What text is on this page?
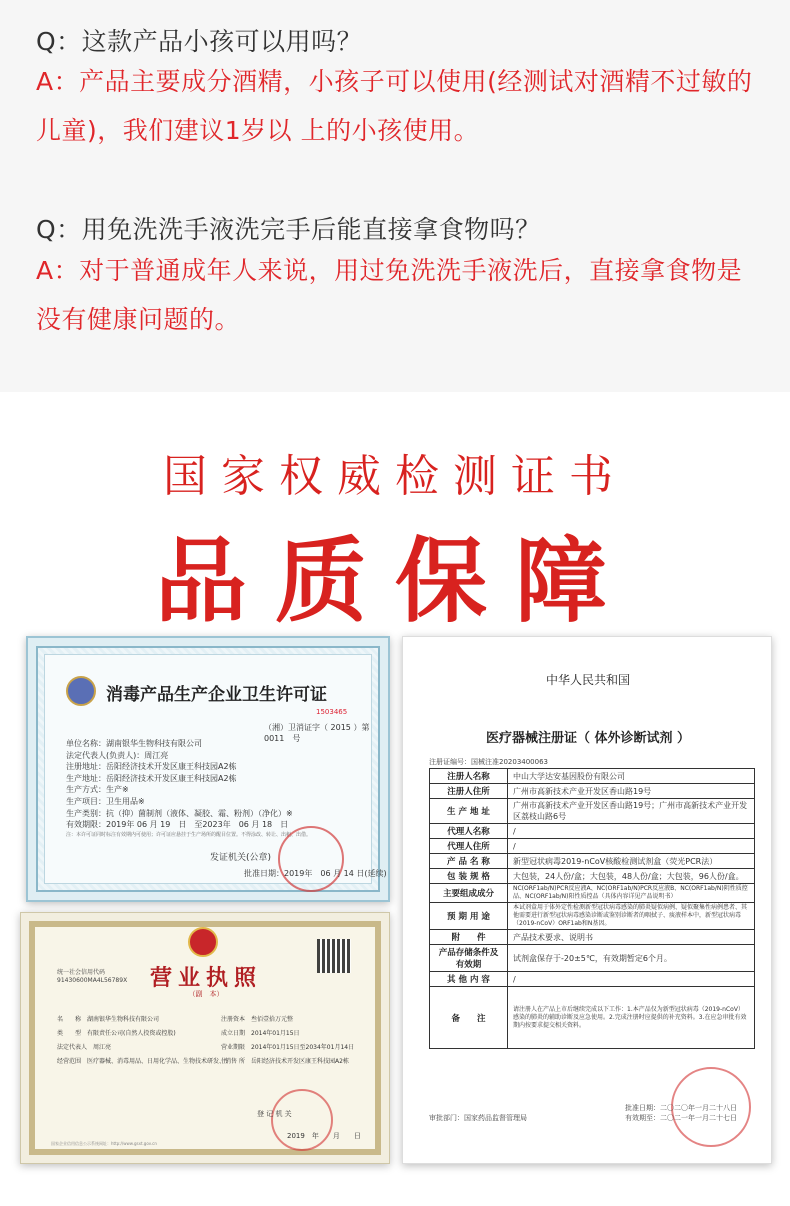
Q：这款产品小孩可以用吗？
A：产品主要成分酒精，小孩子可以使用(经测试对酒精不过敏的儿童)，我们建议1岁以 上的小孩使用。
Q：用免洗洗手液洗完手后能直接拿食物吗？
A：对于普通成年人来说，用过免洗洗手液洗后，直接拿食物是没有健康问题的。
国家权威检测证书
品质保障
消毒产品生产企业卫生许可证
1503465
（湘）卫消证字（ 2015 ）第0011　号
单位名称：湖南银华生物科技有限公司
法定代表人(负责人)：周江亮
注册地址：岳阳经济技术开发区康王科技园A2栋
生产地址：岳阳经济技术开发区康王科技园A2栋
生产方式：生产※
生产项目：卫生用品※
生产类别：抗（抑）菌制剂（液体、凝胶、霜、粉剂）（净化）※
有效期限：2019年 06 月 19　日　至2023年　06 月 18　日
注：本许可证同时标注有效期内可使用；许可证应悬挂于生产场所的醒目位置。不得涂改、转让、出租、出借。
发证机关(公章)
批准日期：2019年　06 月 14 日(延续)
营业执照
（副　本）
统一社会信用代码
91430600MA4L56789X
名　　称　湖南银华生物科技有限公司
类　　型　有限责任公司(自然人投资或控股)
法定代表人　周江亮
经营范围　医疗器械、消毒用品、日用化学品、生物技术研发、销售
注册资本　叁佰壹拾万元整
成立日期　2014年01月15日
营业期限　2014年01月15日至2034年01月14日
住　　所　岳阳经济技术开发区康王科技园A2栋
登 记 机 关
2019　年　　月　　日
国家企业信用信息公示系统网址：http://www.gsxt.gov.cn
中华人民共和国
医疗器械注册证（ 体外诊断试剂 ）
注册证编号：国械注准20203400063
注册人名称	中山大学达安基因股份有限公司
注册人住所	广州市高新技术产业开发区香山路19号
生 产 地 址	广州市高新技术产业开发区香山路19号；广州市高新技术产业开发区荔枝山路6号
代理人名称	/
代理人住所	/
产 品 名 称	新型冠状病毒2019-nCoV核酸检测试剂盒（荧光PCR法）
包 装 规 格	大包装，24人份/盒；大包装，48人份/盒；大包装，96人份/盒。
主要组成成分	NC(ORF1ab/N)PCR反应液A、NC(ORF1ab/N)PCR反应液B、NC(ORF1ab/N)阴性质控品、NC(ORF1ab/N)阳性质控品（具体内容详见产品说明书）
预 期 用 途	本试剂盒用于体外定性检测新型冠状病毒感染的肺炎疑似病例、疑似聚集性病例患者、其他需要进行新型冠状病毒感染诊断或鉴别诊断者的咽拭子、痰液样本中，新型冠状病毒（2019-nCoV）ORF1ab和N基因。
附　　件	产品技术要求、说明书
产品存储条件及有效期	试剂盒保存于-20±5℃，有效期暂定6个月。
其 他 内 容	/
备　　注	请注册人在产品上市后继续完成以下工作：1.本产品仅为新型冠状病毒（2019-nCoV）感染的肺炎的辅助诊断及应急使用。2.完成注册时应提供的补充资料。3.在应急审批有效期内按要求提交相关资料。
审批部门：国家药品监督管理局
批准日期：二〇二〇年一月二十八日
有效期至：二〇二一年一月二十七日
